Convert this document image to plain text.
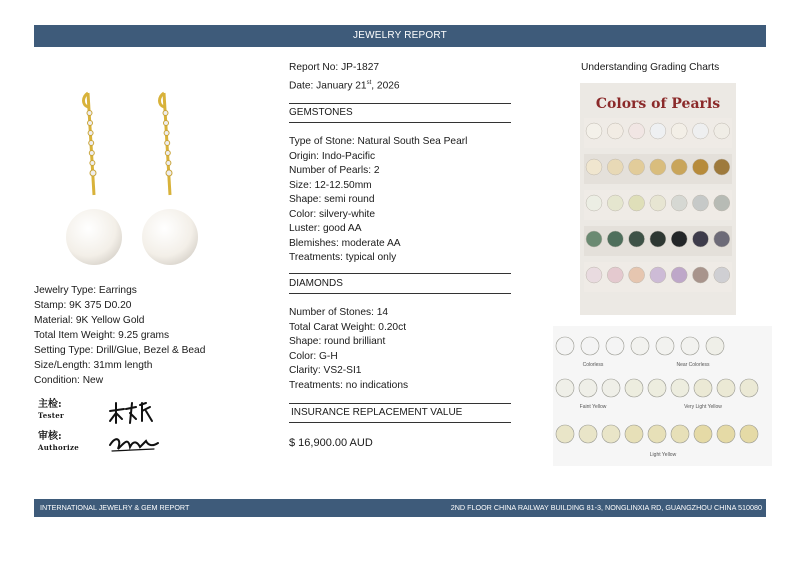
JEWELRY REPORT
Jewelry Type: Earrings
Stamp: 9K 375 D0.20
Material: 9K Yellow Gold
Total Item Weight: 9.25 grams
Setting Type: Drill/Glue, Bezel & Bead
Size/Length: 31mm length
Condition: New
主检:
Tester
审核:
Authorize
Report No: JP-1827
Date: January 21st, 2026
GEMSTONES
Type of Stone: Natural South Sea Pearl
Origin: Indo-Pacific
Number of Pearls: 2
Size: 12-12.50mm
Shape: semi round
Color: silvery-white
Luster: good AA
Blemishes: moderate AA
Treatments: typical only
DIAMONDS
Number of Stones: 14
Total Carat Weight: 0.20ct
Shape: round brilliant
Color: G-H
Clarity: VS2-SI1
Treatments: no indications
INSURANCE REPLACEMENT VALUE
$ 16,900.00 AUD
Understanding Grading Charts
Colors of Pearls
Colorless	Near Colorless
Faint Yellow	Very Light Yellow
Light Yellow
INTERNATIONAL JEWELRY & GEM REPORT	2ND FLOOR CHINA RAILWAY BUILDING 81-3, NONGLINXIA RD, GUANGZHOU CHINA 510080
